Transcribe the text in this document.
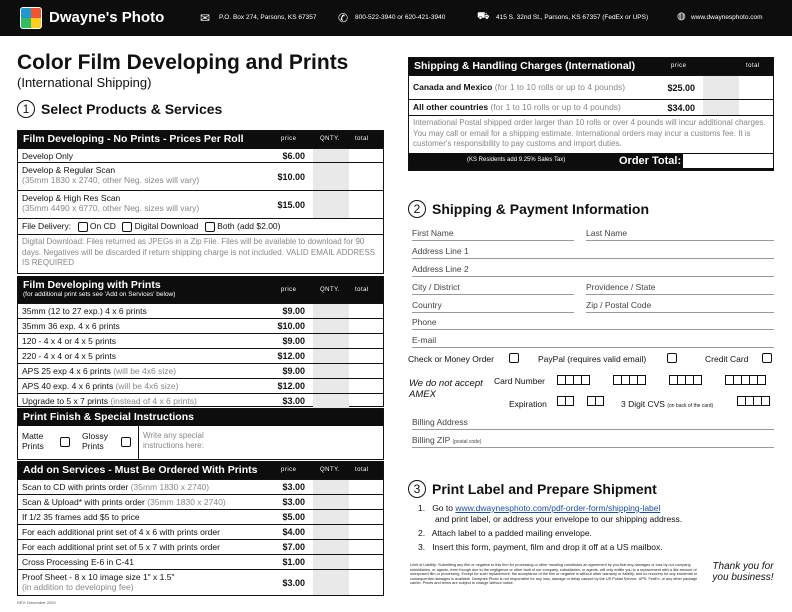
Dwayne's Photo	✉ P.O. Box 274, Parsons, KS 67357 ✆ 800-522-3940 or 620-421-3940	⛟ 415 S. 32nd St., Parsons, KS 67357 (FedEx or UPS)	◍ www.dwaynesphoto.com
Color Film Developing and Prints
(International Shipping)
1 Select Products & Services
Film Developing - No Prints - Prices Per Roll	price	QNTY. total
Develop Only	$6.00
Develop & Regular Scan
(35mm 1830 x 2740, other Neg. sizes will vary)	$10.00
Develop & High Res Scan
(35mm 4490 x 6770, other Neg. sizes will vary)	$15.00
File Delivery: On CD Digital Download Both (add $2.00)
Digital Download: Files returned as JPEGs in a Zip File. Files will be available to download for 90 days. Negatives will be discarded if return shipping charge is not included. VALID EMAIL ADDRESS IS REQUIRED
Film Developing with Prints
(for additional print sets see 'Add on Services' below)
price	QNTY. total
35mm (12 to 27 exp.) 4 x 6 prints	$9.00
35mm 36 exp. 4 x 6 prints	$10.00
120 - 4 x 4 or 4 x 5 prints	$9.00
220 - 4 x 4 or 4 x 5 prints	$12.00
APS 25 exp 4 x 6 prints (will be 4x6 size)	$9.00
APS 40 exp. 4 x 6 prints (will be 4x6 size)	$12.00
Upgrade to 5 x 7 prints (instead of 4 x 6 prints)	$3.00
Print Finish & Special Instructions
Matte Prints
Glossy Prints
Write any special instructions here:
Add on Services - Must Be Ordered With Prints	price	QNTY. total
Scan to CD with prints order (35mm 1830 x 2740)	$3.00
Scan & Upload* with prints order (35mm 1830 x 2740)	$3.00
If 1/2 35 frames add $5 to price	$5.00
For each additional print set of 4 x 6 with prints order	$4.00
For each additional print set of 5 x 7 with prints order	$7.00
Cross Processing E-6 in C-41	$1.00
Proof Sheet - 8 x 10 image size 1" x 1.5"
(in addition to developing fee)	$3.00
REV: December 2020
Shipping & Handling Charges (International)	price	total
Canada and Mexico (for 1 to 10 rolls or up to 4 pounds)	$25.00
All other countries (for 1 to 10 rolls or up to 4 pounds)	$34.00
International Postal shipped order larger than 10 rolls or over 4 pounds will incur additional charges. You may call or email for a shipping estimate. International orders may incur a customs fee. It is customer's responsibility to pay customs and import duties.
(KS Residents add 9.25% Sales Tax)	Order Total:
2 Shipping & Payment Information
First Name	Last Name
Address Line 1
Address Line 2
City / District	Providence / State
Country	Zip / Postal Code
Phone
E-mail
Check or Money Order	PayPal (requires valid email)	Credit Card
We do not accept AMEX
Card Number
Expiration	3 Digit CVS (on back of the card)
Billing Address
Billing ZIP (postal code)
3 Print Label and Prepare Shipment
1. Go to www.dwaynesphoto.com/pdf-order-form/shipping-label
and print label, or address your envelope to our shipping address.
2. Attach label to a padded mailing envelope.
3. Insert this form, payment, film and drop it off at a US mailbox.
Limit of Liability: Submitting any film or negative to this firm for processing or other handling constitutes an agreement by you that any damages or loss by our company, subsidiaries, or agents, even though due to the negligence or other fault of our company, subsidiaries, or agents, will only entitle you to a replacement with a like amount of unexposed film or processing. Except for such replacement, the acceptance of the film or negative is without other warranty or liability, and no recovery for any incidental or consequential damages is available. Dwaynes Photo is not responsible for any loss, damage or delay caused by the US Postal Service, UPS, FedEx, or any other package carrier. Prices and terms are subject to change without notice.
Thank you for you business!
